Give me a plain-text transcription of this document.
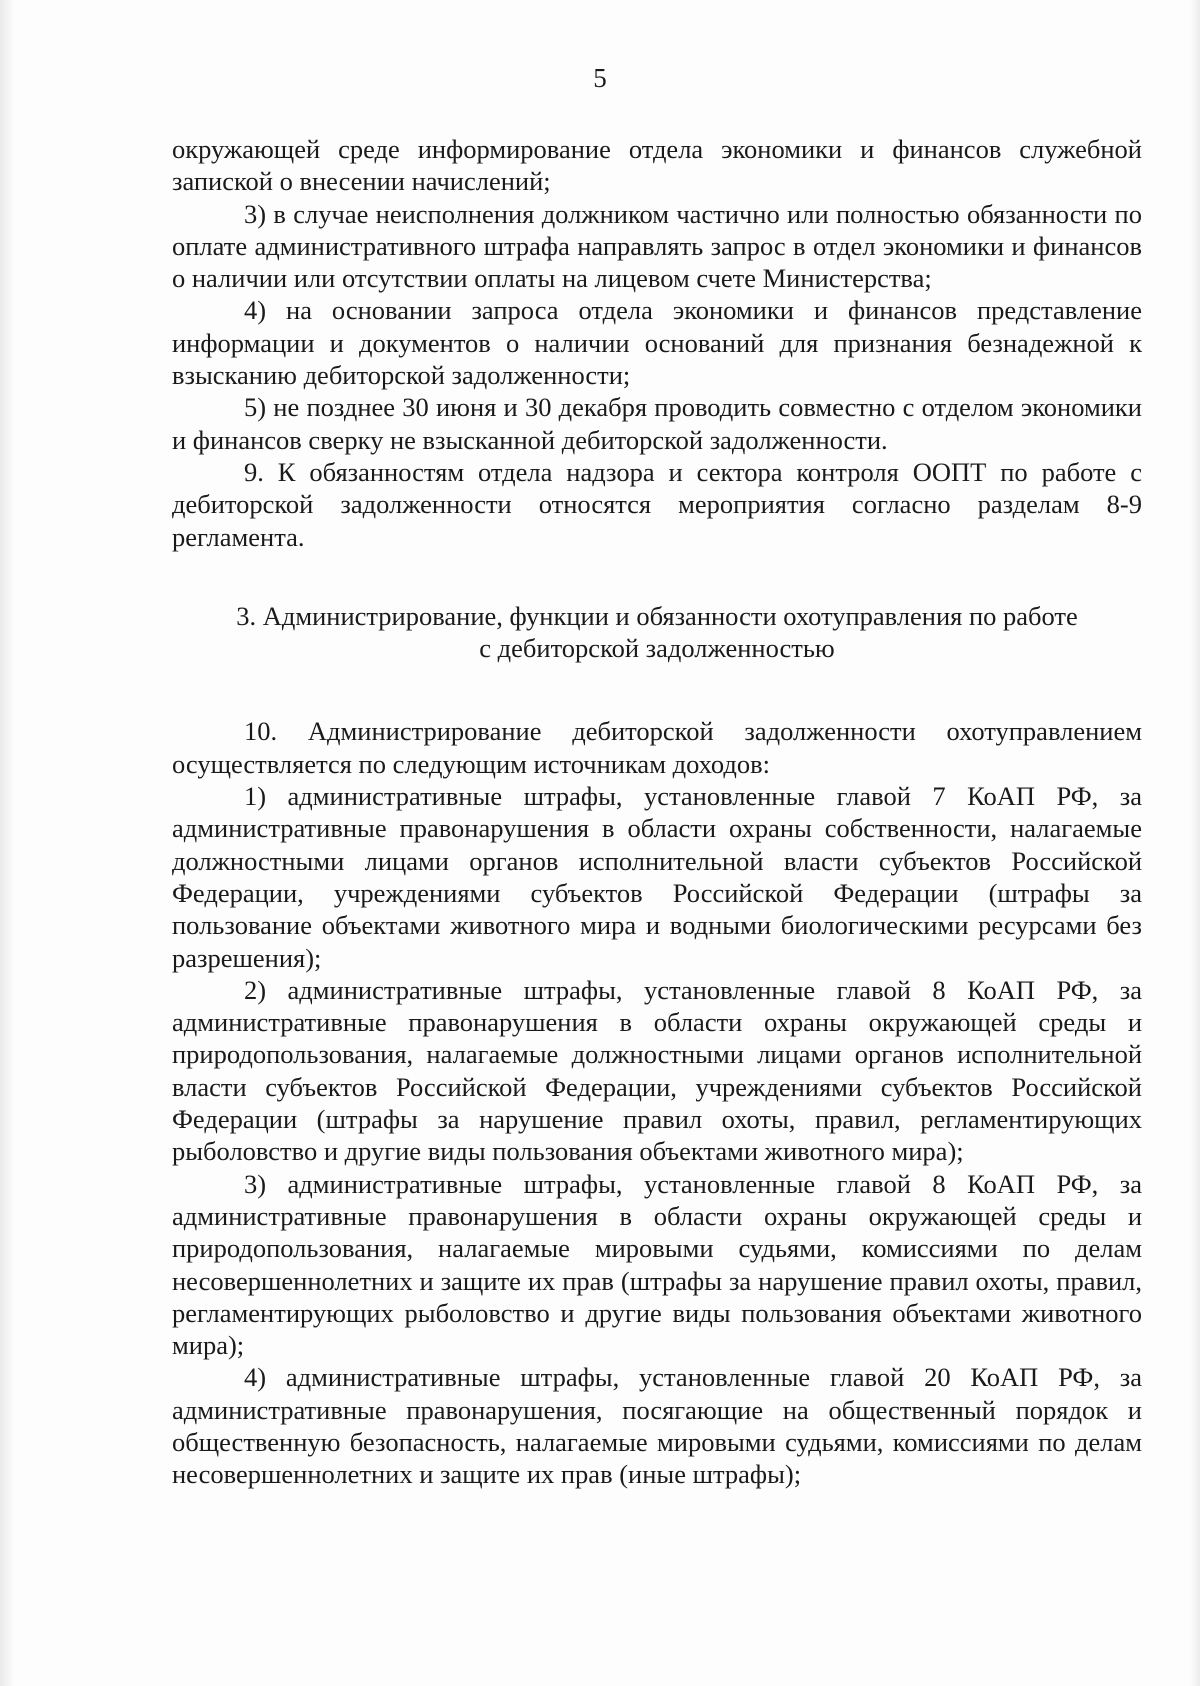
5

окружающей среде информирование отдела экономики и финансов служебной запиской о внесении начислений;

3) в случае неисполнения должником частично или полностью обязанности по оплате административного штрафа направлять запрос в отдел экономики и финансов о наличии или отсутствии оплаты на лицевом счете Министерства;

4) на основании запроса отдела экономики и финансов представление информации и документов о наличии оснований для признания безнадежной к взысканию дебиторской задолженности;

5) не позднее 30 июня и 30 декабря проводить совместно с отделом экономики и финансов сверку не взысканной дебиторской задолженности.

9. К обязанностям отдела надзора и сектора контроля ООПТ по работе с дебиторской задолженности относятся мероприятия согласно разделам 8-9 регламента.

3. Администрирование, функции и обязанности охотуправления по работе
с дебиторской задолженностью

10. Администрирование дебиторской задолженности охотуправлением осуществляется по следующим источникам доходов:

1) административные штрафы, установленные главой 7 КоАП РФ, за административные правонарушения в области охраны собственности, налагаемые должностными лицами органов исполнительной власти субъектов Российской Федерации, учреждениями субъектов Российской Федерации (штрафы за пользование объектами животного мира и водными биологическими ресурсами без разрешения);

2) административные штрафы, установленные главой 8 КоАП РФ, за административные правонарушения в области охраны окружающей среды и природопользования, налагаемые должностными лицами органов исполнительной власти субъектов Российской Федерации, учреждениями субъектов Российской Федерации (штрафы за нарушение правил охоты, правил, регламентирующих рыболовство и другие виды пользования объектами животного мира);

3) административные штрафы, установленные главой 8 КоАП РФ, за административные правонарушения в области охраны окружающей среды и природопользования, налагаемые мировыми судьями, комиссиями по делам несовершеннолетних и защите их прав (штрафы за нарушение правил охоты, правил, регламентирующих рыболовство и другие виды пользования объектами животного мира);

4) административные штрафы, установленные главой 20 КоАП РФ, за административные правонарушения, посягающие на общественный порядок и общественную безопасность, налагаемые мировыми судьями, комиссиями по делам несовершеннолетних и защите их прав (иные штрафы);
